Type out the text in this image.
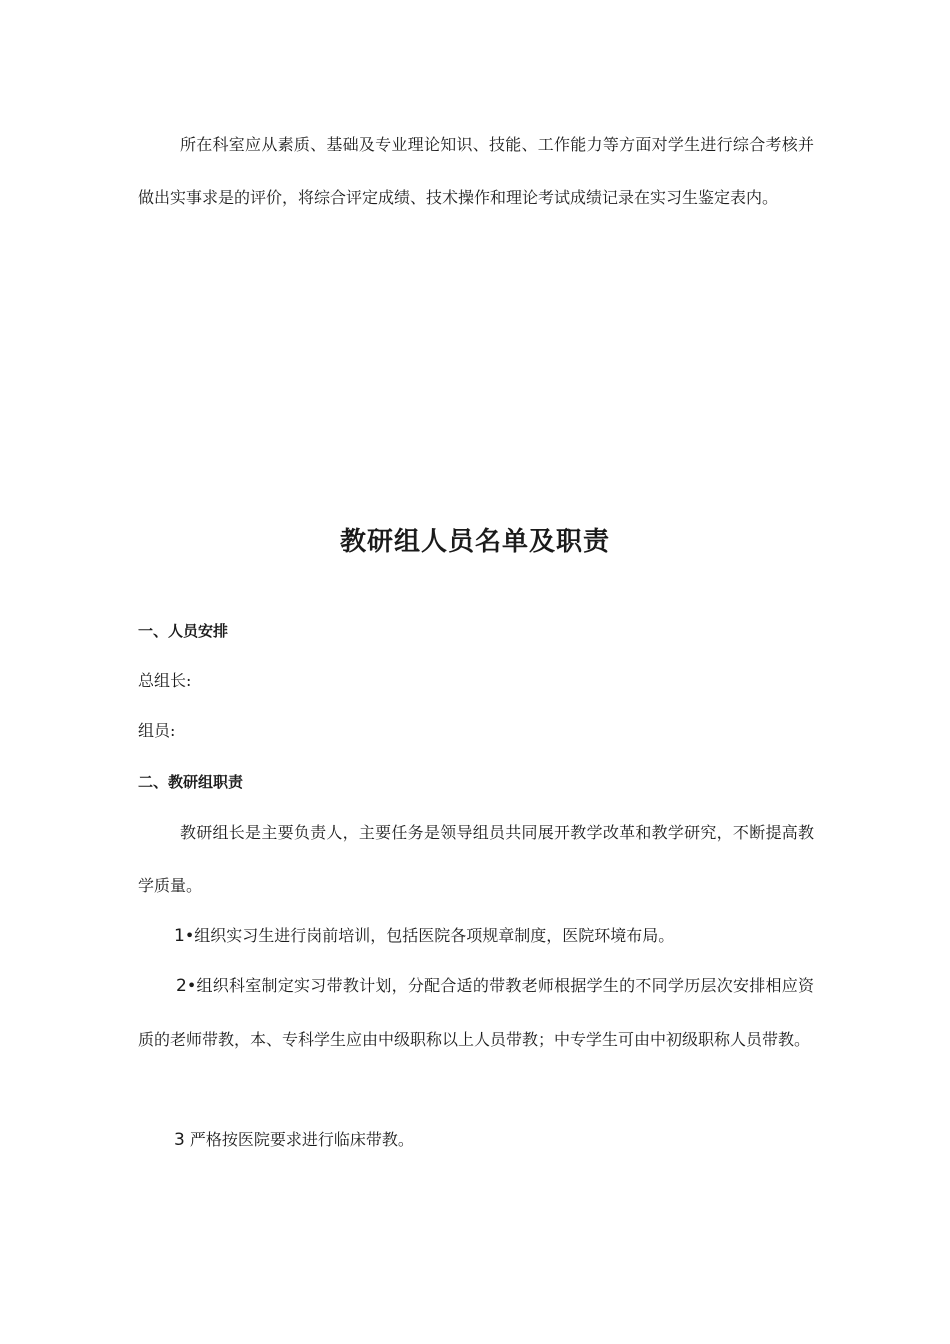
所在科室应从素质、基础及专业理论知识、技能、工作能力等方面对学生进行综合考核并做出实事求是的评价，将综合评定成绩、技术操作和理论考试成绩记录在实习生鉴定表内。

教研组人员名单及职责

一、人员安排

总组长:

组员:

二、教研组职责

教研组长是主要负责人，主要任务是领导组员共同展开教学改革和教学研究，不断提高教学质量。

1•组织实习生进行岗前培训，包括医院各项规章制度，医院环境布局。

2•组织科室制定实习带教计划，分配合适的带教老师根据学生的不同学历层次安排相应资质的老师带教，本、专科学生应由中级职称以上人员带教；中专学生可由中初级职称人员带教。

3 严格按医院要求进行临床带教。
